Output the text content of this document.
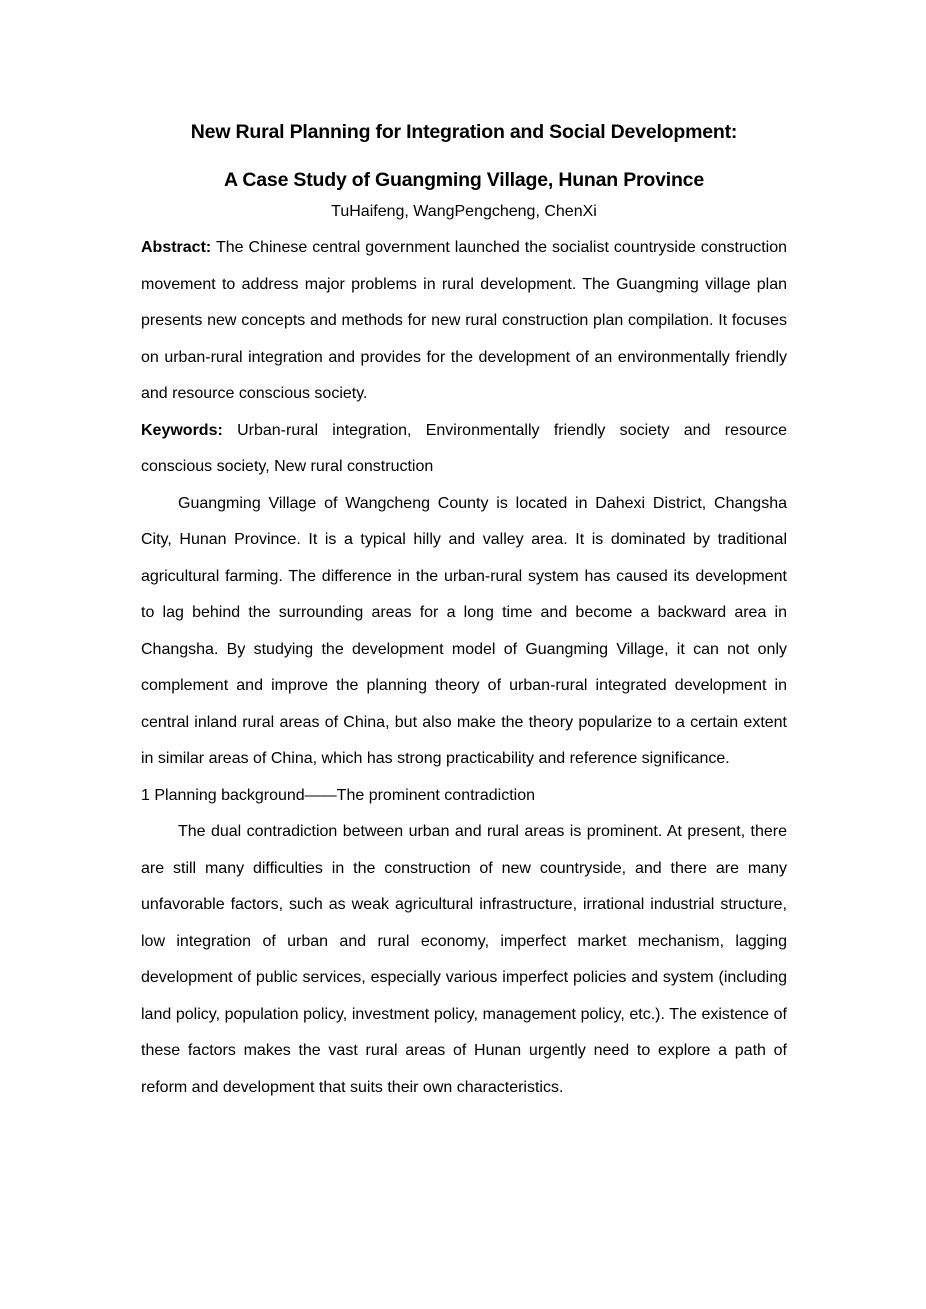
New Rural Planning for Integration and Social Development:
A Case Study of Guangming Village, Hunan Province

TuHaifeng, WangPengcheng, ChenXi

Abstract: The Chinese central government launched the socialist countryside construction movement to address major problems in rural development. The Guangming village plan presents new concepts and methods for new rural construction plan compilation. It focuses on urban-rural integration and provides for the development of an environmentally friendly and resource conscious society.

Keywords: Urban-rural integration, Environmentally friendly society and resource conscious society, New rural construction

Guangming Village of Wangcheng County is located in Dahexi District, Changsha City, Hunan Province. It is a typical hilly and valley area. It is dominated by traditional agricultural farming. The difference in the urban-rural system has caused its development to lag behind the surrounding areas for a long time and become a backward area in Changsha. By studying the development model of Guangming Village, it can not only complement and improve the planning theory of urban-rural integrated development in central inland rural areas of China, but also make the theory popularize to a certain extent in similar areas of China, which has strong practicability and reference significance.

1 Planning background——The prominent contradiction

The dual contradiction between urban and rural areas is prominent. At present, there are still many difficulties in the construction of new countryside, and there are many unfavorable factors, such as weak agricultural infrastructure, irrational industrial structure, low integration of urban and rural economy, imperfect market mechanism, lagging development of public services, especially various imperfect policies and system (including land policy, population policy, investment policy, management policy, etc.). The existence of these factors makes the vast rural areas of Hunan urgently need to explore a path of reform and development that suits their own characteristics.
